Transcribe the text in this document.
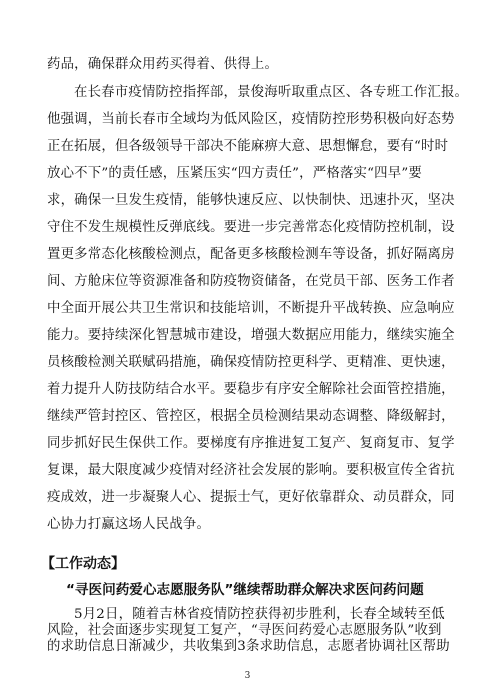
药品，确保群众用药买得着、供得上。
在长春市疫情防控指挥部，景俊海听取重点区、各专班工作汇报。
他强调，当前长春市全域均为低风险区，疫情防控形势积极向好态势
正在拓展，但各级领导干部决不能麻痹大意、思想懈怠，要有“时时
放心不下”的责任感，压紧压实“四方责任”，严格落实“四早”要
求，确保一旦发生疫情，能够快速反应、以快制快、迅速扑灭，坚决
守住不发生规模性反弹底线。要进一步完善常态化疫情防控机制，设
置更多常态化核酸检测点，配备更多核酸检测车等设备，抓好隔离房
间、方舱床位等资源准备和防疫物资储备，在党员干部、医务工作者
中全面开展公共卫生常识和技能培训，不断提升平战转换、应急响应
能力。要持续深化智慧城市建设，增强大数据应用能力，继续实施全
员核酸检测关联赋码措施，确保疫情防控更科学、更精准、更快速，
着力提升人防技防结合水平。要稳步有序安全解除社会面管控措施，
继续严管封控区、管控区，根据全员检测结果动态调整、降级解封，
同步抓好民生保供工作。要梯度有序推进复工复产、复商复市、复学
复课，最大限度减少疫情对经济社会发展的影响。要积极宣传全省抗
疫成效，进一步凝聚人心、提振士气，更好依靠群众、动员群众，同
心协力打赢这场人民战争。
【工作动态】
“寻医问药爱心志愿服务队”继续帮助群众解决求医问药问题
5月2日，随着吉林省疫情防控获得初步胜利，长春全域转至低
风险，社会面逐步实现复工复产，“寻医问药爱心志愿服务队”收到
的求助信息日渐减少，共收集到3条求助信息，志愿者协调社区帮助
3
